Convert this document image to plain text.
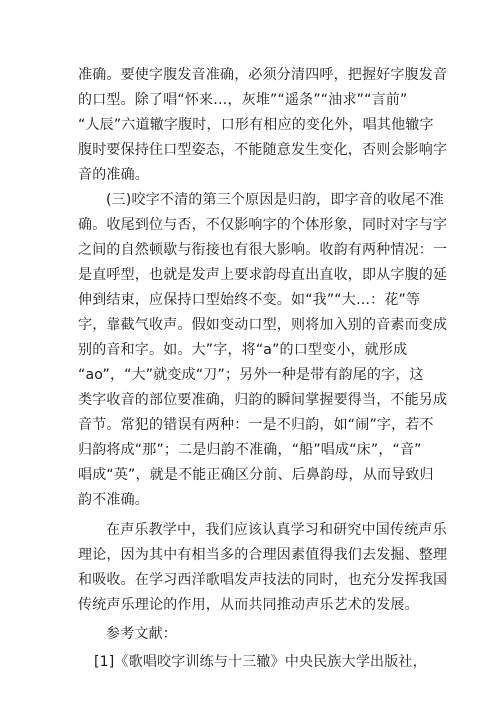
准确。要使字腹发音准确，必须分清四呼，把握好字腹发音
的口型。除了唱“怀来…，灰堆”“遥条”“油求”“言前”
“人辰”六道辙字腹时，口形有相应的变化外，唱其他辙字
腹时要保持住口型姿态，不能随意发生变化，否则会影响字
音的准确。
(三)咬字不清的第三个原因是归韵，即字音的收尾不准
确。收尾到位与否，不仅影响字的个体形象，同时对字与字
之间的自然顿歇与衔接也有很大影响。收韵有两种情况：一
是直呼型，也就是发声上要求韵母直出直收，即从字腹的延
伸到结束，应保持口型始终不变。如“我”“大…：花”等
字，靠截气收声。假如变动口型，则将加入别的音素而变成
别的音和字。如。大”字，将“a”的口型变小，就形成
“ao”，“大”就变成“刀”；另外一种是带有韵尾的字，这
类字收音的部位要准确，归韵的瞬间掌握要得当，不能另成
音节。常犯的错误有两种：一是不归韵，如“闹”字，若不
归韵将成“那”；二是归韵不准确，“船”唱成“床”，“音”
唱成“英”，就是不能正确区分前、后鼻韵母，从而导致归
韵不准确。
在声乐教学中，我们应该认真学习和研究中国传统声乐
理论，因为其中有相当多的合理因素值得我们去发掘、整理
和吸收。在学习西洋歌唱发声技法的同时，也充分发挥我国
传统声乐理论的作用，从而共同推动声乐艺术的发展。
参考文献：
[1]《歌唱咬字训练与十三辙》中央民族大学出版社，
